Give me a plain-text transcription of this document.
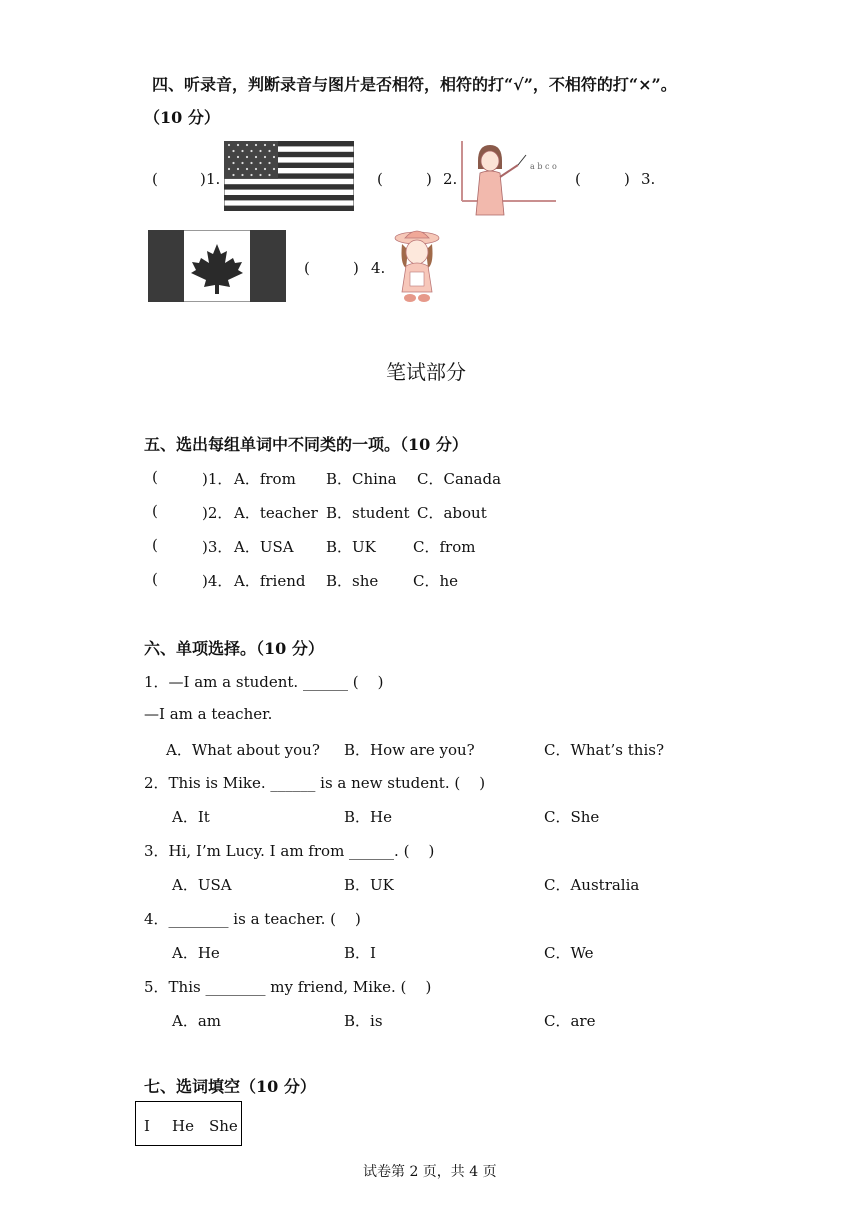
四、听录音，判断录音与图片是否相符，相符的打“√”，不相符的打“×”。
（10 分）
(	) 1.	(	) 2.
a b c o
(	) 3.
(	) 4.
笔试部分
五、选出每组单词中不同类的一项。（10 分）
(	)1． A．from B．China C．Canada
(	)2． A．teacher B．student C．about
(	)3． A．USA B．UK C．from
(	)4． A．friend B．she C．he
六、单项选择。（10 分）
1．—I am a student. ______ (    )
—I am a teacher.
A．What about you? B．How are you?	C．What’s this?
2．This is Mike. ______ is a new student. (    )
A．It	B．He	C．She
3．Hi, I’m Lucy. I am from ______. (    )
A．USA	B．UK	C．Australia
4．________ is a teacher. (    )
A．He	B．I	C．We
5．This ________ my friend, Mike. (    )
A．am	B．is	C．are
七、选词填空（10 分）
I He She
试卷第 2 页，共 4 页
